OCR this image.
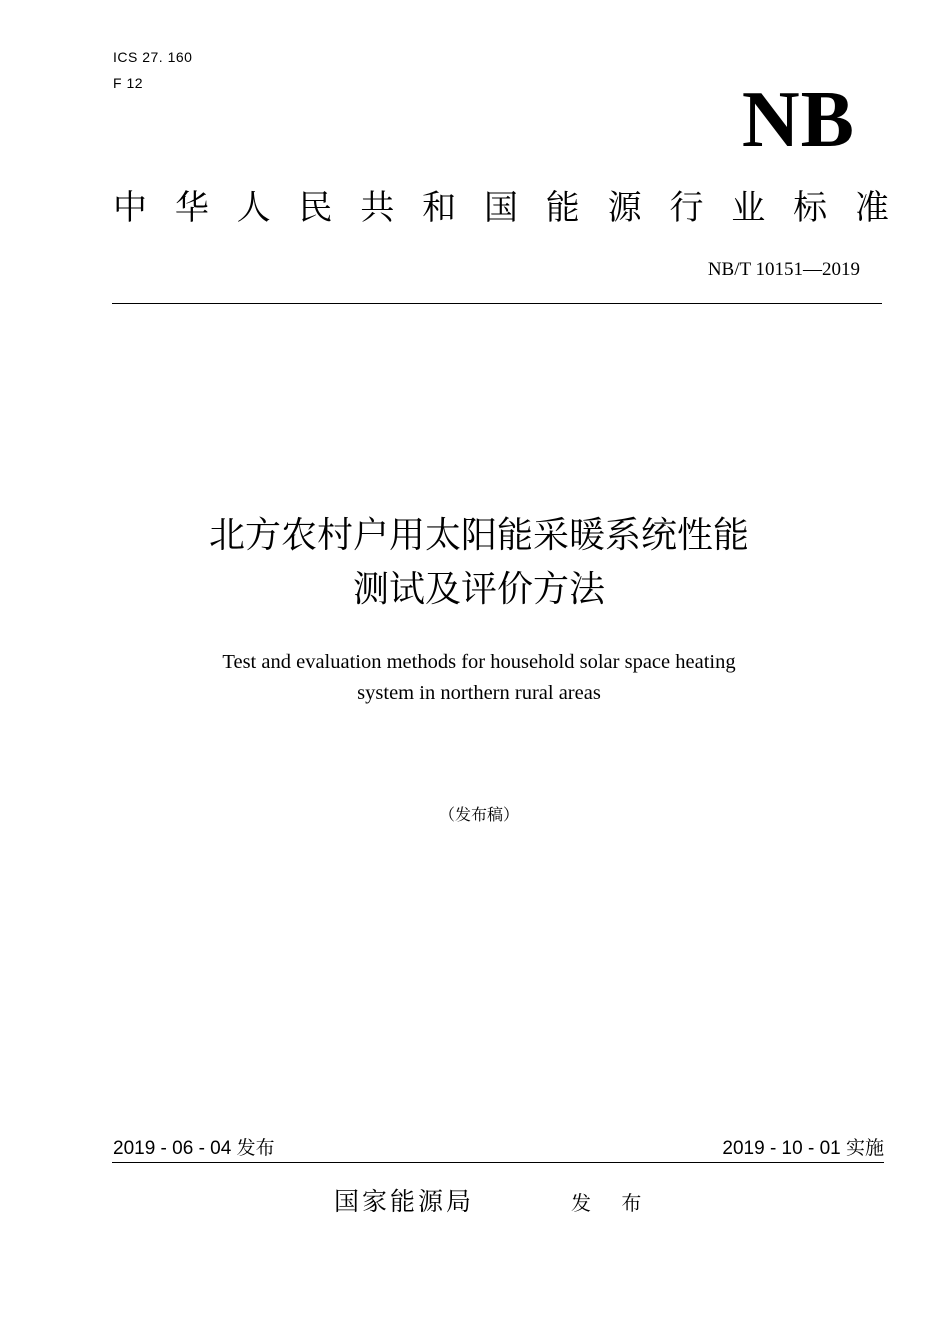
ICS 27. 160
F 12	NB
中 华 人 民 共 和 国 能 源 行 业 标 准
NB/T 10151—2019
北方农村户用太阳能采暖系统性能
测试及评价方法
Test and evaluation methods for household solar space heating
system in northern rural areas
（发布稿）
2019 - 06 - 04 发布	2019 - 10 - 01 实施
国家能源局	发 布
